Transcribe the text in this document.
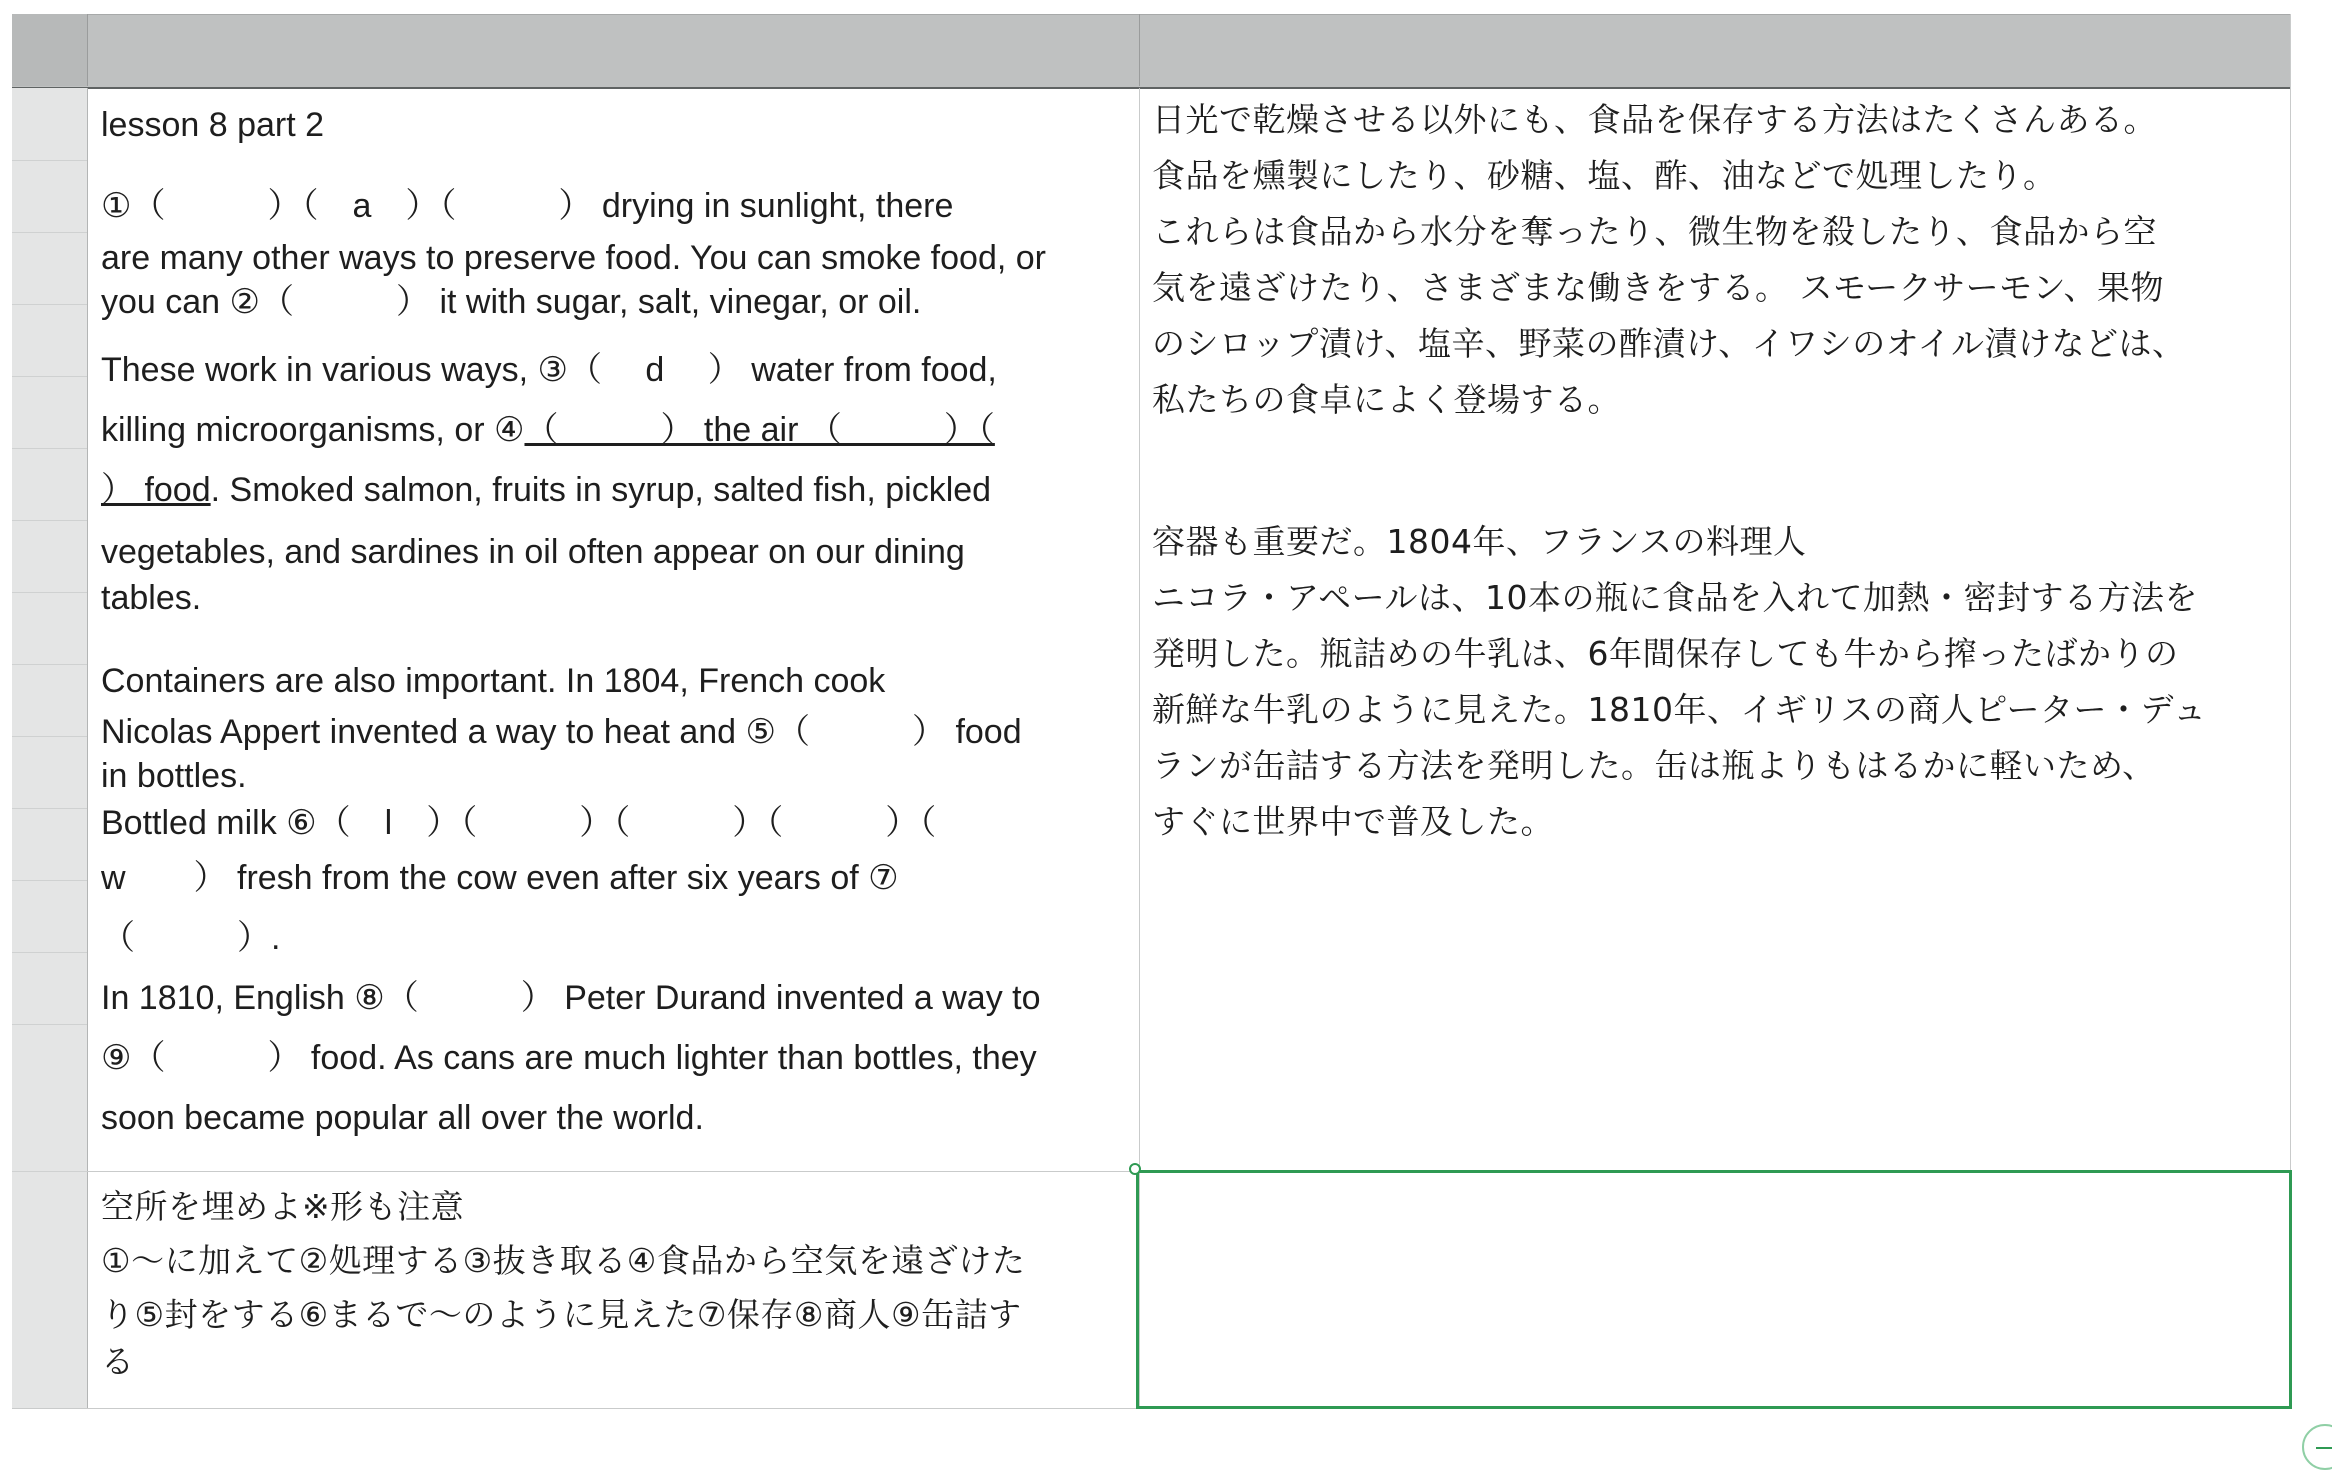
lesson 8 part 2

①（　　　）（　a　）（　　　） drying in sunlight, there

are many other ways to preserve food. You can smoke food, or

you can ②（　　　） it with sugar, salt, vinegar, or oil.

These work in various ways, ③（　 d 　） water from food,

killing microorganisms, or ④（　　　） the air （　　　）（

） food. Smoked salmon, fruits in syrup, salted fish, pickled

vegetables, and sardines in oil often appear on our dining

tables.

Containers are also important. In 1804, French cook

Nicolas Appert invented a way to heat and ⑤（　　　） food

in bottles.

Bottled milk ⑥（　l　）（　　　）（　　　）（　　　）（

w　　） fresh from the cow even after six years of ⑦

（　　　）.

In 1810, English ⑧（　　　） Peter Durand invented a way to

⑨（　　　） food. As cans are much lighter than bottles, they

soon became popular all over the world.

日光で乾燥させる以外にも、食品を保存する方法はたくさんある。

食品を燻製にしたり、砂糖、塩、酢、油などで処理したり。

これらは食品から水分を奪ったり、微生物を殺したり、食品から空

気を遠ざけたり、さまざまな働きをする。 スモークサーモン、果物

のシロップ漬け、塩辛、野菜の酢漬け、イワシのオイル漬けなどは、

私たちの食卓によく登場する。

容器も重要だ。1804年、フランスの料理人

ニコラ・アペールは、10本の瓶に食品を入れて加熱・密封する方法を

発明した。瓶詰めの牛乳は、6年間保存しても牛から搾ったばかりの

新鮮な牛乳のように見えた。1810年、イギリスの商人ピーター・デュ

ランが缶詰する方法を発明した。缶は瓶よりもはるかに軽いため、

すぐに世界中で普及した。

空所を埋めよ※形も注意

①〜に加えて②処理する③抜き取る④食品から空気を遠ざけた

り⑤封をする⑥まるで〜のように見えた⑦保存⑧商人⑨缶詰す

る
